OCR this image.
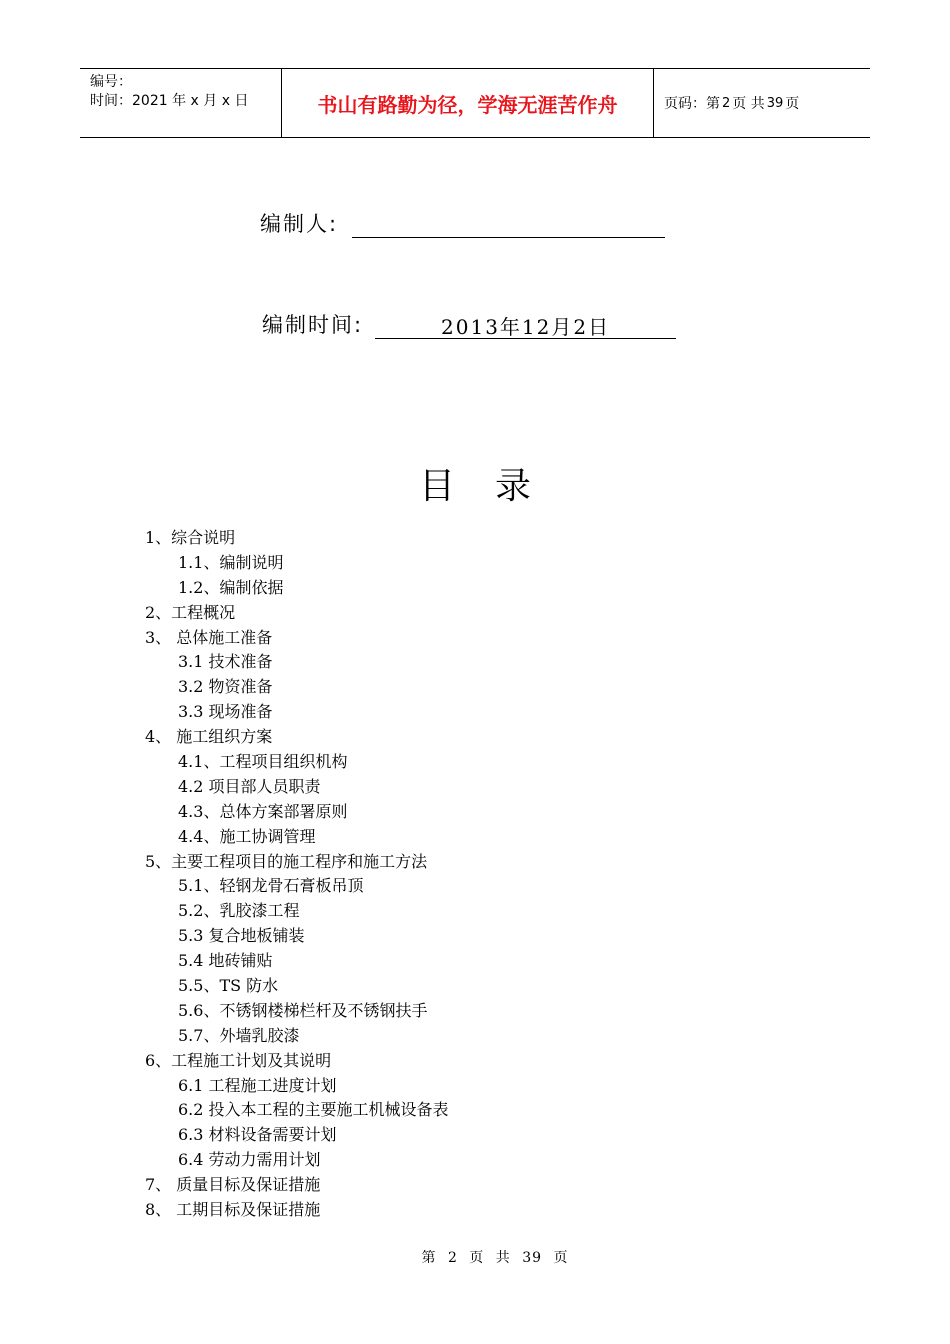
编号：
时间：2021 年 x 月 x 日	书山有路勤为径，学海无涯苦作舟	页码：第 2 页 共 39 页
编制人:
编制时间:	2013年12月2日
目录
1、综合说明
1.1、编制说明
1.2、编制依据
2、工程概况
3、 总体施工准备
3.1 技术准备
3.2 物资准备
3.3 现场准备
4、 施工组织方案
4.1、工程项目组织机构
4.2 项目部人员职责
4.3、总体方案部署原则
4.4、施工协调管理
5、主要工程项目的施工程序和施工方法
5.1、轻钢龙骨石膏板吊顶
5.2、乳胶漆工程
5.3 复合地板铺装
5.4 地砖铺贴
5.5、TS 防水
5.6、不锈钢楼梯栏杆及不锈钢扶手
5.7、外墙乳胶漆
6、工程施工计划及其说明
6.1 工程施工进度计划
6.2 投入本工程的主要施工机械设备表
6.3 材料设备需要计划
6.4 劳动力需用计划
7、 质量目标及保证措施
8、 工期目标及保证措施
第 2 页 共 39 页
